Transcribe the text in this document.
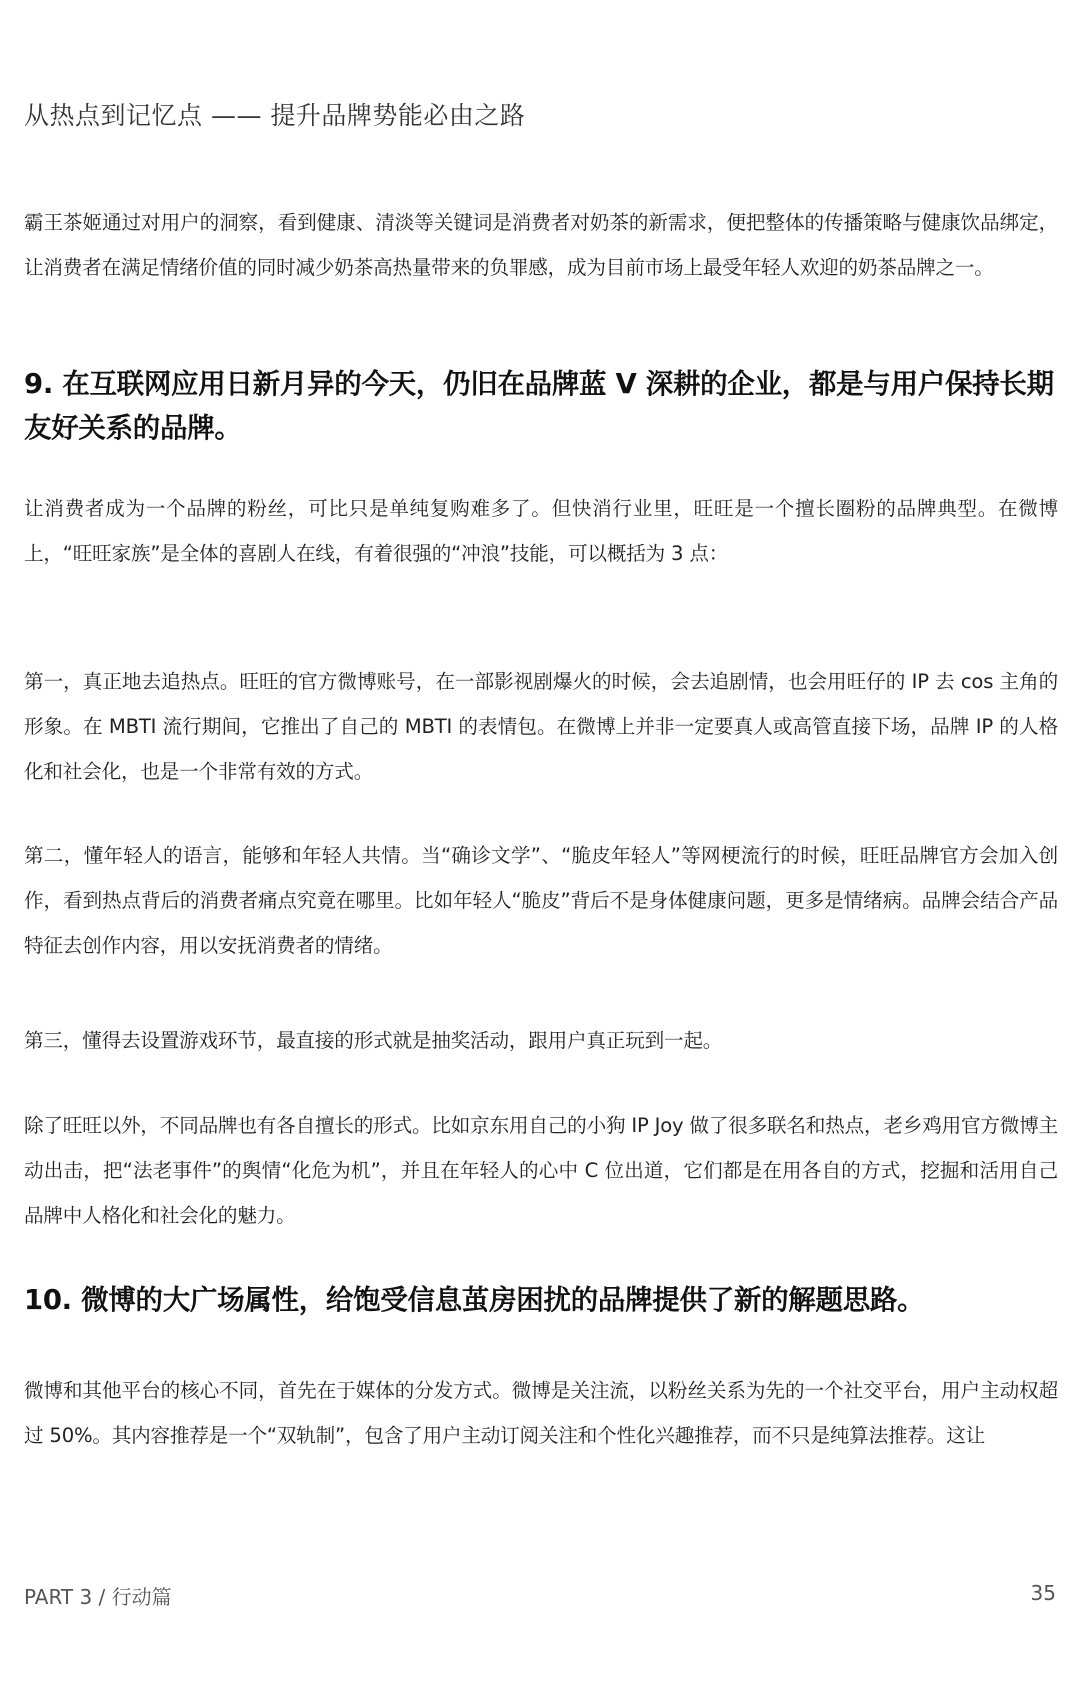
从热点到记忆点 —— 提升品牌势能必由之路

霸王茶姬通过对用户的洞察，看到健康、清淡等关键词是消费者对奶茶的新需求，便把整体的传播策略与健康饮品绑定，让消费者在满足情绪价值的同时减少奶茶高热量带来的负罪感，成为目前市场上最受年轻人欢迎的奶茶品牌之一。

9. 在互联网应用日新月异的今天，仍旧在品牌蓝 V 深耕的企业，都是与用户保持长期友好关系的品牌。

让消费者成为一个品牌的粉丝，可比只是单纯复购难多了。但快消行业里，旺旺是一个擅长圈粉的品牌典型。在微博上，“旺旺家族”是全体的喜剧人在线，有着很强的“冲浪”技能，可以概括为 3 点：

第一，真正地去追热点。旺旺的官方微博账号，在一部影视剧爆火的时候，会去追剧情，也会用旺仔的 IP 去 cos 主角的形象。在 MBTI 流行期间，它推出了自己的 MBTI 的表情包。在微博上并非一定要真人或高管直接下场，品牌 IP 的人格化和社会化，也是一个非常有效的方式。

第二，懂年轻人的语言，能够和年轻人共情。当“确诊文学”、“脆皮年轻人”等网梗流行的时候，旺旺品牌官方会加入创作，看到热点背后的消费者痛点究竟在哪里。比如年轻人“脆皮”背后不是身体健康问题，更多是情绪病。品牌会结合产品特征去创作内容，用以安抚消费者的情绪。

第三，懂得去设置游戏环节，最直接的形式就是抽奖活动，跟用户真正玩到一起。

除了旺旺以外，不同品牌也有各自擅长的形式。比如京东用自己的小狗 IP Joy 做了很多联名和热点，老乡鸡用官方微博主动出击，把“法老事件”的舆情“化危为机”，并且在年轻人的心中 C 位出道，它们都是在用各自的方式，挖掘和活用自己品牌中人格化和社会化的魅力。

10. 微博的大广场属性，给饱受信息茧房困扰的品牌提供了新的解题思路。

微博和其他平台的核心不同，首先在于媒体的分发方式。微博是关注流，以粉丝关系为先的一个社交平台，用户主动权超过 50%。其内容推荐是一个“双轨制”，包含了用户主动订阅关注和个性化兴趣推荐，而不只是纯算法推荐。这让

PART 3 / 行动篇	35
